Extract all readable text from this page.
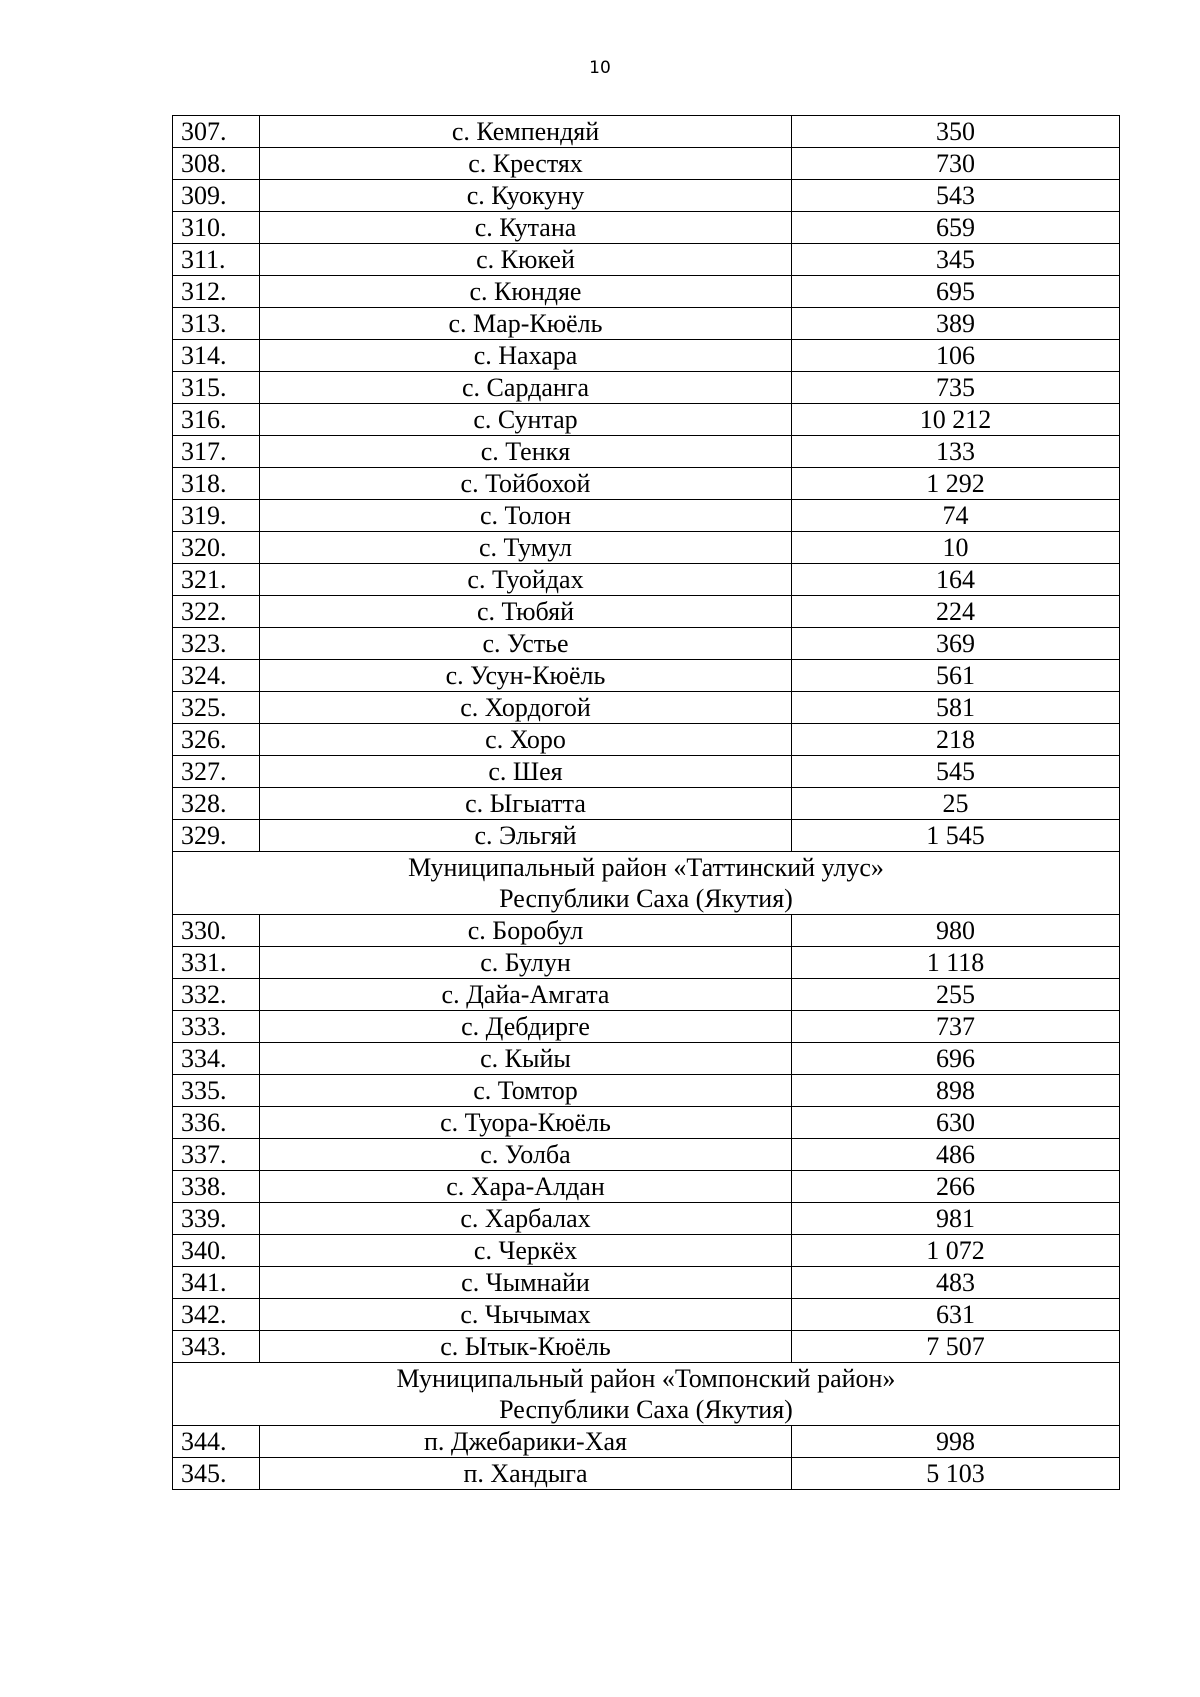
10
307.	с. Кемпендяй	350
308.	с. Крестях	730
309.	с. Куокуну	543
310.	с. Кутана	659
311.	с. Кюкей	345
312.	с. Кюндяе	695
313.	с. Мар-Кюёль	389
314.	с. Нахара	106
315.	с. Сарданга	735
316.	с. Сунтар	10 212
317.	с. Тенкя	133
318.	с. Тойбохой	1 292
319.	с. Толон	74
320.	с. Тумул	10
321.	с. Туойдах	164
322.	с. Тюбяй	224
323.	с. Устье	369
324.	с. Усун-Кюёль	561
325.	с. Хордогой	581
326.	с. Хоро	218
327.	с. Шея	545
328.	с. Ыгыатта	25
329.	с. Эльгяй	1 545

Муниципальный район «Таттинский улус»
Республики Саха (Якутия)		

330.	с. Боробул	980
331.	с. Булун	1 118
332.	с. Дайа-Амгата	255
333.	с. Дебдирге	737
334.	с. Кыйы	696
335.	с. Томтор	898
336.	с. Туора-Кюёль	630
337.	с. Уолба	486
338.	с. Хара-Алдан	266
339.	с. Харбалах	981
340.	с. Черкёх	1 072
341.	с. Чымнайи	483
342.	с. Чычымах	631
343.	с. Ытык-Кюёль	7 507

Муниципальный район «Томпонский район»
Республики Саха (Якутия)		

344.	п. Джебарики-Хая	998
345.	п. Хандыга	5 103
